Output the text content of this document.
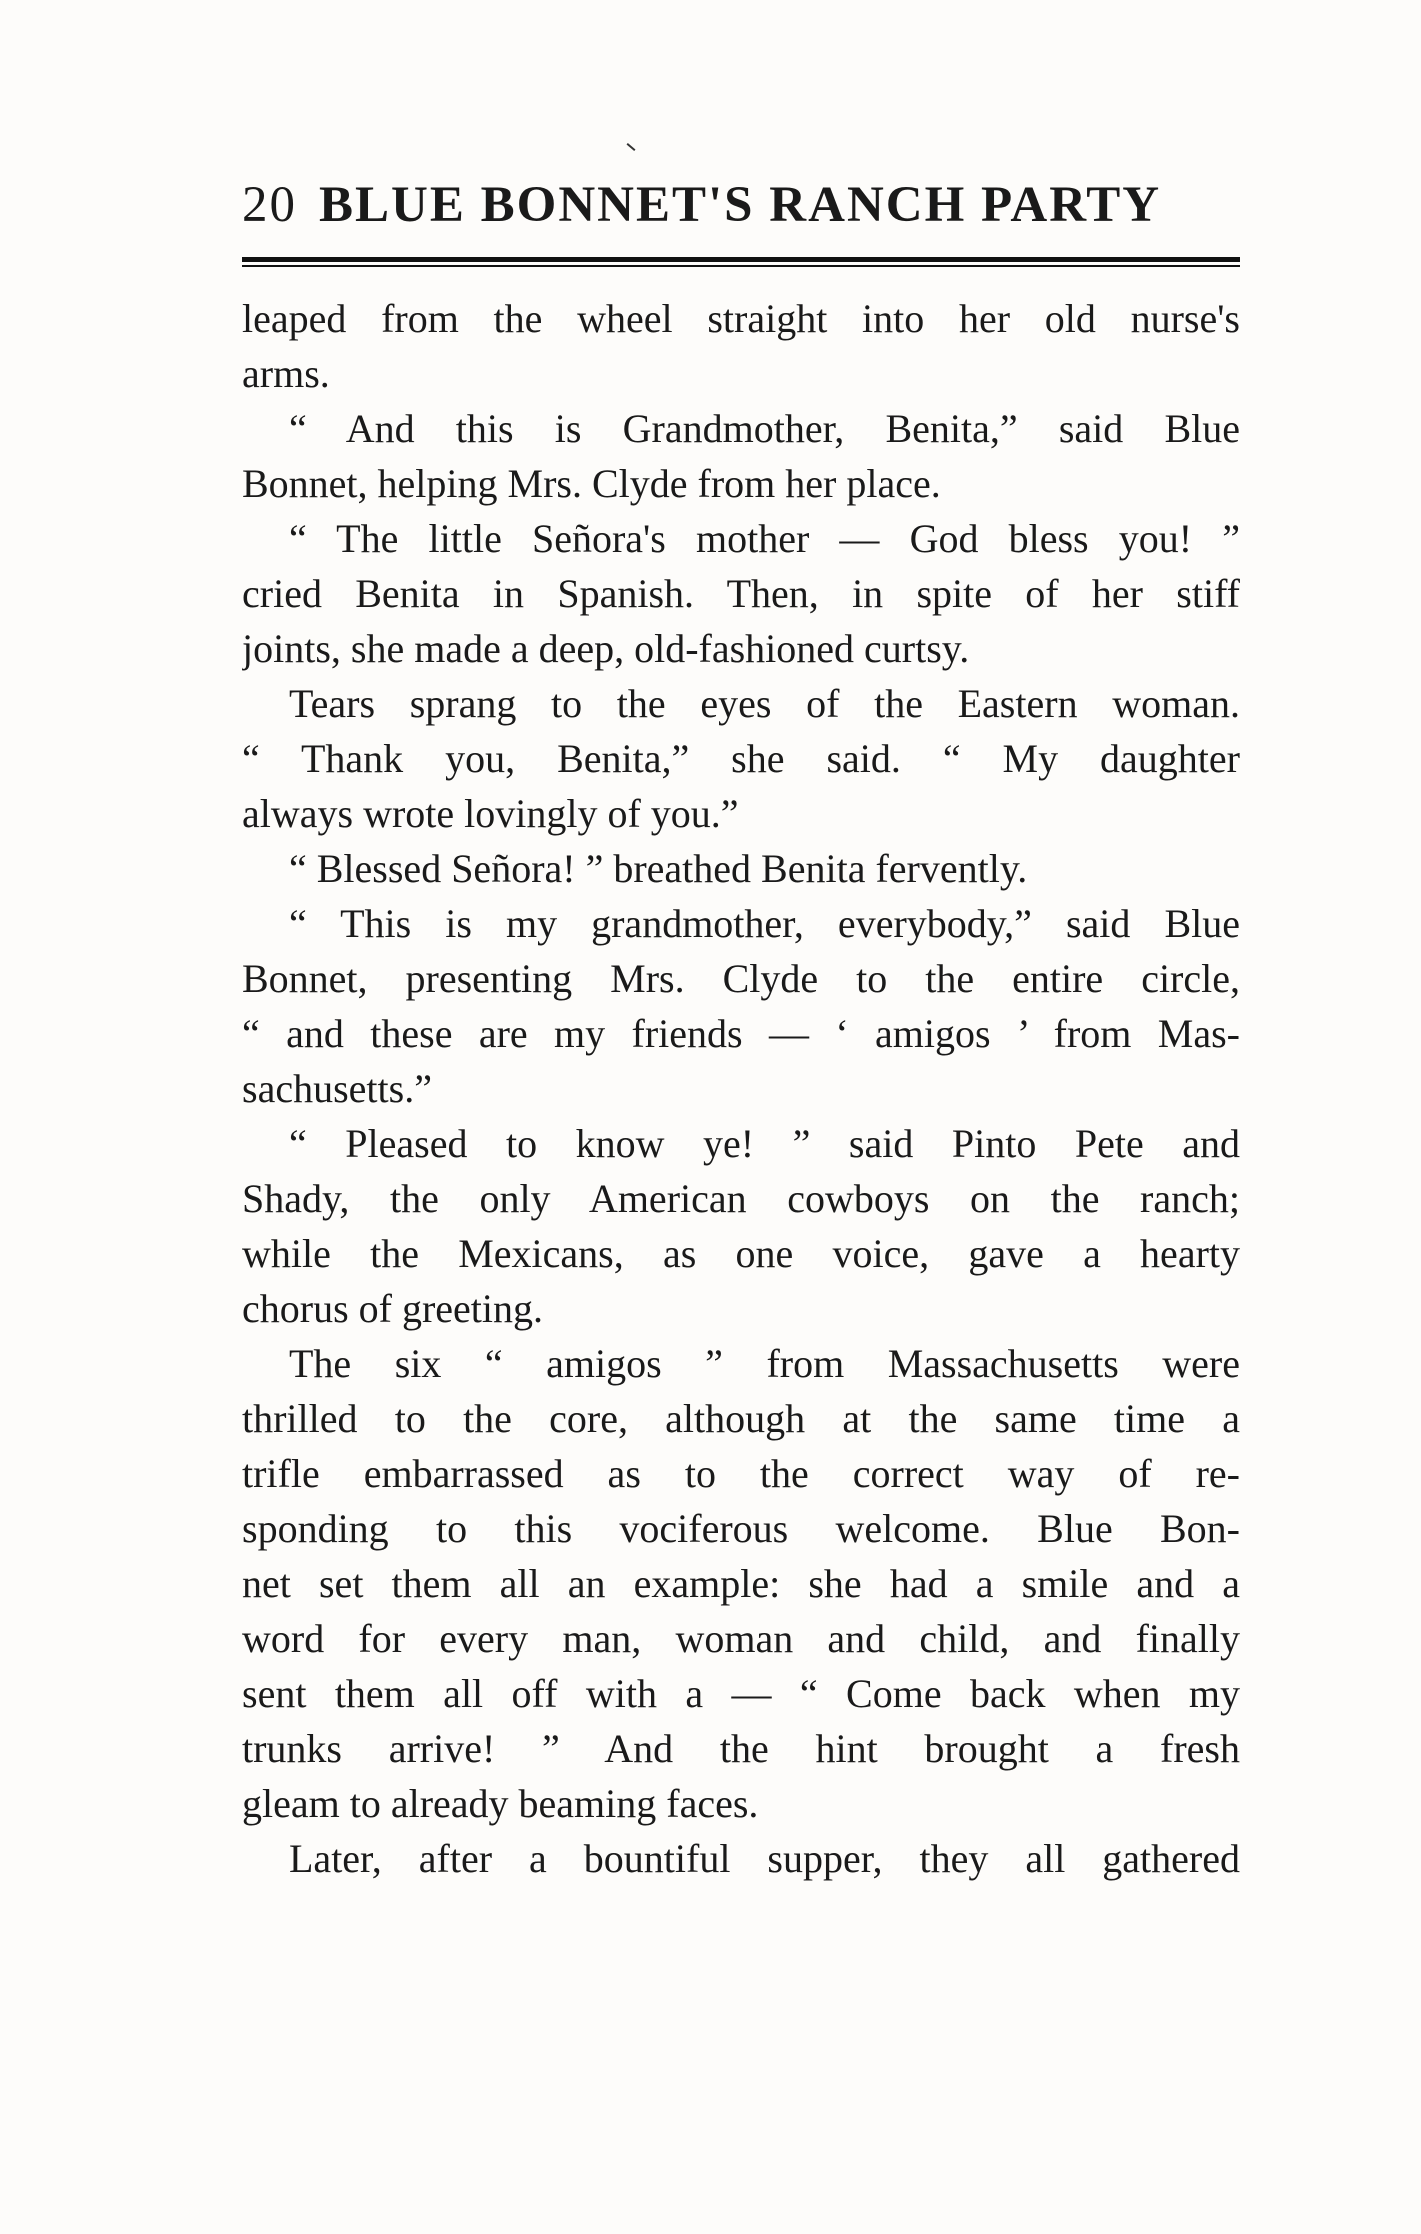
20 BLUE BONNET'S RANCH PARTY
leaped from the wheel straight into her old nurse's
arms.
“ And this is Grandmother, Benita,” said Blue
Bonnet, helping Mrs. Clyde from her place.
“ The little Señora's mother — God bless you! ”
cried Benita in Spanish. Then, in spite of her stiff
joints, she made a deep, old-fashioned curtsy.
Tears sprang to the eyes of the Eastern woman.
“ Thank you, Benita,” she said. “ My daughter
always wrote lovingly of you.”
“ Blessed Señora! ” breathed Benita fervently.
“ This is my grandmother, everybody,” said Blue
Bonnet, presenting Mrs. Clyde to the entire circle,
“ and these are my friends — ‘ amigos ’ from Mas-
sachusetts.”
“ Pleased to know ye! ” said Pinto Pete and
Shady, the only American cowboys on the ranch;
while the Mexicans, as one voice, gave a hearty
chorus of greeting.
The six “ amigos ” from Massachusetts were
thrilled to the core, although at the same time a
trifle embarrassed as to the correct way of re-
sponding to this vociferous welcome. Blue Bon-
net set them all an example: she had a smile and a
word for every man, woman and child, and finally
sent them all off with a — “ Come back when my
trunks arrive! ” And the hint brought a fresh
gleam to already beaming faces.
Later, after a bountiful supper, they all gathered
